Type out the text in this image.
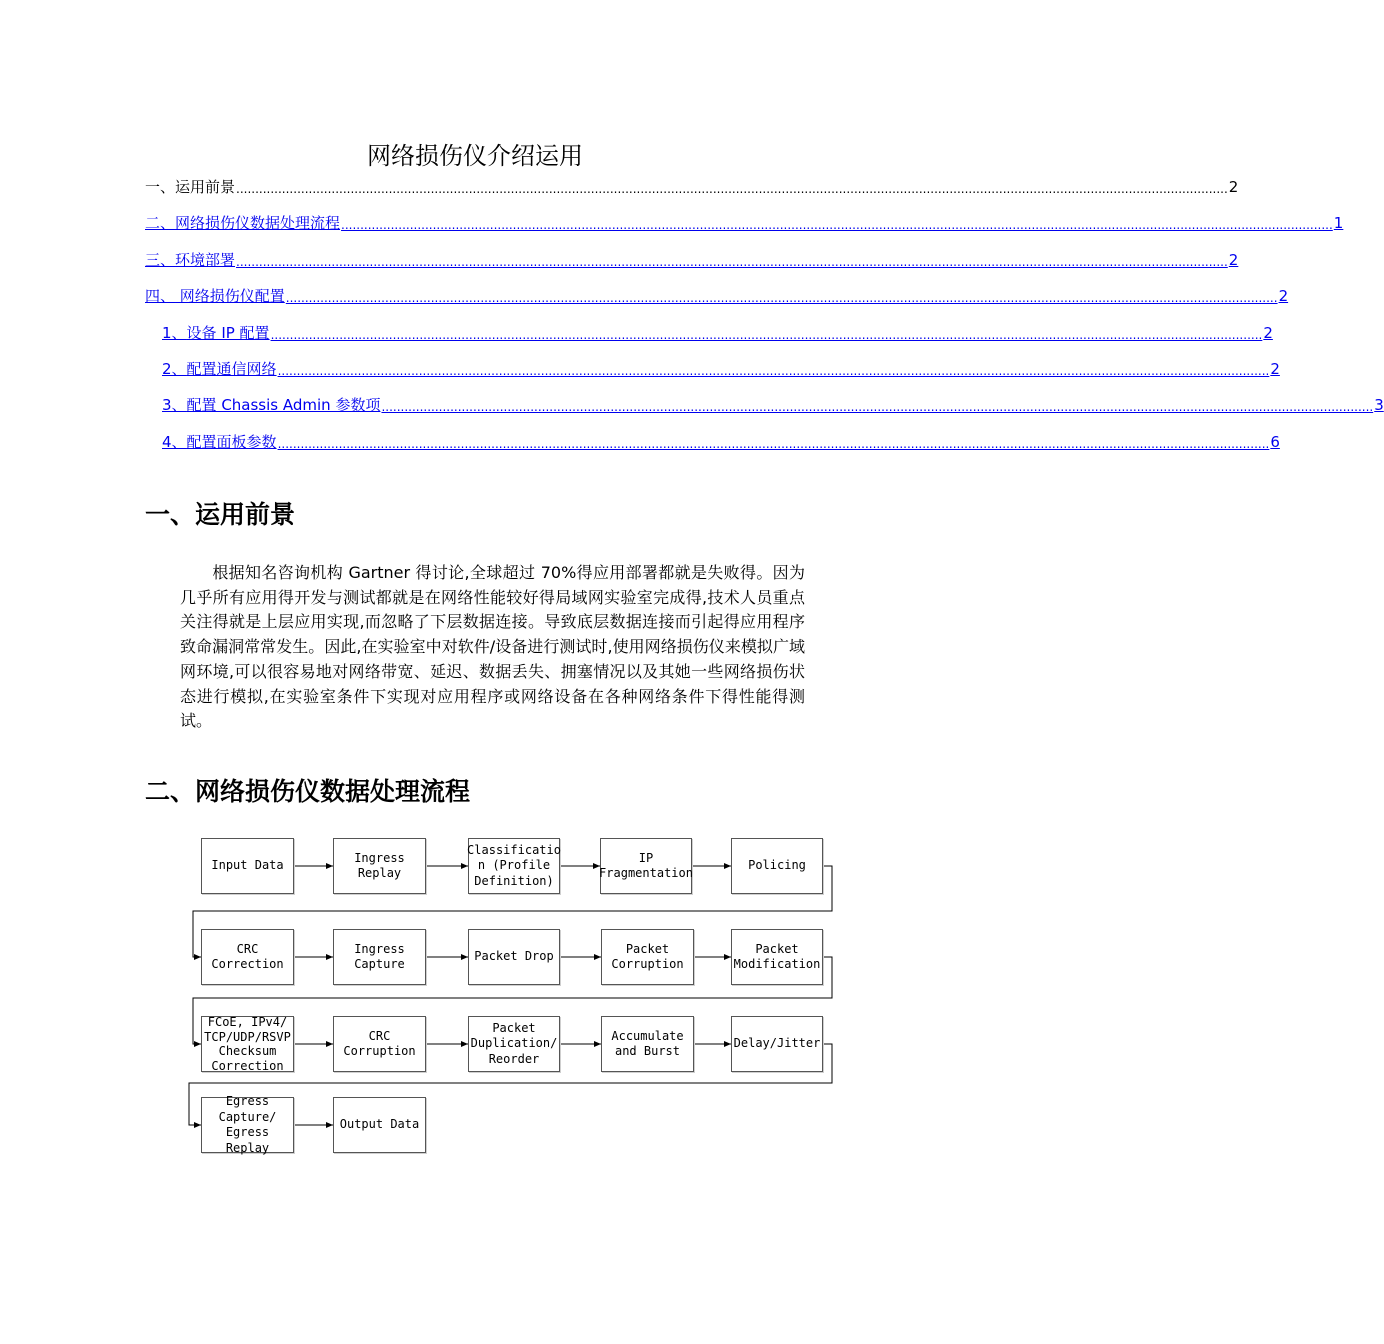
网络损伤仪介绍运用
一、 运用前景 .................................................................................................................................................................................................................................................................... 2
二、 网络损伤仪数据处理流程 .................................................................................................................................................................................................................................................................... 1
三、 环境部署 .................................................................................................................................................................................................................................................................... 2
四、 网络损伤仪配置 .................................................................................................................................................................................................................................................................... 2
1、 设备 IP 配置 .................................................................................................................................................................................................................................................................... 2
2、 配置通信网络 .................................................................................................................................................................................................................................................................... 2
3、 配置 Chassis Admin 参数项 .................................................................................................................................................................................................................................................................... 3
4、 配置面板参数 .................................................................................................................................................................................................................................................................... 6
一、运用前景
根据知名咨询机构 Gartner 得讨论,全球超过 70%得应用部署都就是失败得。因为几乎所有应用得开发与测试都就是在网络性能较好得局域网实验室完成得,技术人员重点关注得就是上层应用实现,而忽略了下层数据连接。导致底层数据连接而引起得应用程序致命漏洞常常发生。因此,在实验室中对软件/设备进行测试时,使用网络损伤仪来模拟广域网环境,可以很容易地对网络带宽、延迟、数据丢失、拥塞情况以及其她一些网络损伤状态进行模拟,在实验室条件下实现对应用程序或网络设备在各种网络条件下得性能得测试。
二、网络损伤仪数据处理流程
Input Data
Ingress
Replay
Classificatio
n (Profile
Definition)
IP
Fragmentation
Policing
CRC
Correction
Ingress
Capture
Packet Drop
Packet
Corruption
Packet
Modification
FCoE, IPv4/
TCP/UDP/RSVP
Checksum
Correction
CRC
Corruption
Packet
Duplication/
Reorder
Accumulate
and Burst
Delay/Jitter
Egress
Capture/
Egress Replay
Output Data
